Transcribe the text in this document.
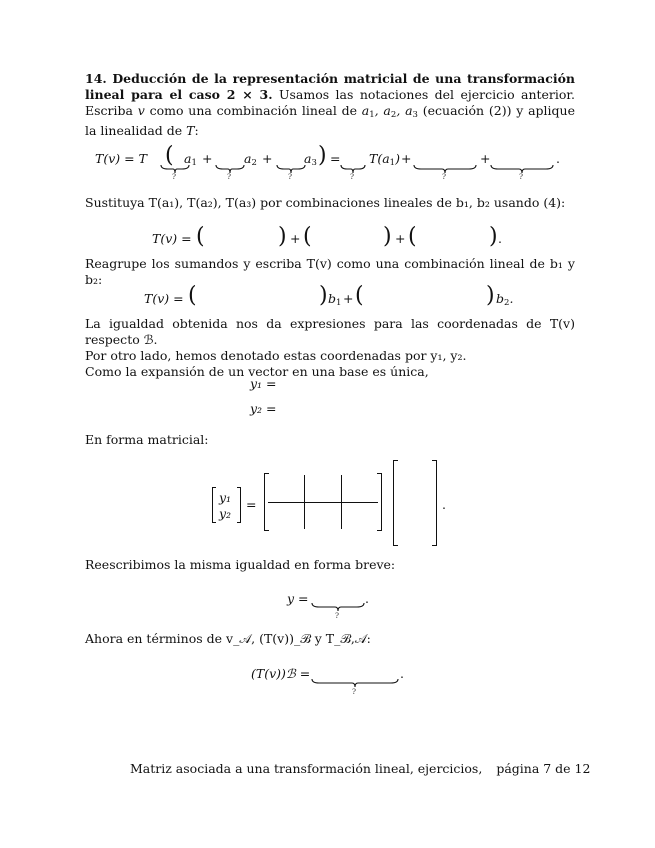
14. Deducción de la representación matricial de una transformación lineal para el caso 2 × 3. Usamos las notaciones del ejercicio anterior. Escriba v como una combinación lineal de $a_1$, $a_2$, $a_3$ (ecuación (2)) y aplique la linealidad de T:
T(v) = T (
?
$a_1$ +
?
$a_2$ +
?
$a_3$ ) =
?
$T(a_1)$ +
?
+
?
.
Sustituya T(a₁), T(a₂), T(a₃) por combinaciones lineales de b₁, b₂ usando (4):
T(v) = (	) + (	) + (	) .
Reagrupe los sumandos y escriba T(v) como una combinación lineal de b₁ y b₂:
T(v) = (	) $b_1$ + (	) $b_2$.
La igualdad obtenida nos da expresiones para las coordenadas de T(v) respecto ℬ.
Por otro lado, hemos denotado estas coordenadas por y₁, y₂.
Como la expansión de un vector en una base es única,
y₁ =
y₂ =
En forma matricial:
y₁
y₂
=	.
Reescribimos la misma igualdad en forma breve:
y =
?
.
Ahora en términos de v_𝒜, (T(v))_ℬ y T_ℬ,𝒜:
(T(v))ℬ =
?
.
Matriz asociada a una transformación lineal, ejercicios, página 7 de 12
